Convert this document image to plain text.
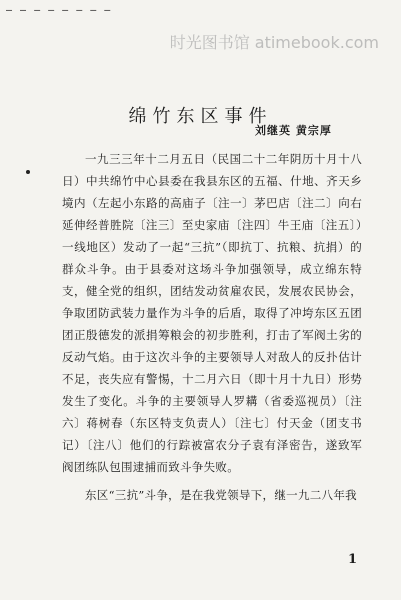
— — — — — — — —
时光图书馆 atimebook.com
绵竹东区事件
刘继英 黄宗厚

一九三三年十二月五日（民国二十二年阴历十月十八日）中共绵竹中心县委在我县东区的五福、什地、齐天乡境内（左起小东路的高庙子〔注一〕茅巴店〔注二〕向右延伸经普胜院〔注三〕至史家庙〔注四〕牛王庙〔注五〕）一线地区）发动了一起“三抗”（即抗丁、抗粮、抗捐）的群众斗争。由于县委对这场斗争加强领导，成立绵东特支，健全党的组织，团结发动贫雇农民，发展农民协会，争取团防武装力量作为斗争的后盾，取得了冲垮东区五团团正殷德发的派捐筹粮会的初步胜利，打击了军阀土劣的反动气焰。由于这次斗争的主要领导人对敌人的反扑估计不足，丧失应有警惕，十二月六日（即十月十九日）形势发生了变化。斗争的主要领导人罗耩（省委巡视员）〔注六〕蒋树春（东区特支负责人）〔注七〕付天金（团支书记）〔注八〕他们的行踪被富农分子袁有泽密告，遂致军阀团练队包围逮捕而致斗争失败。

东区“三抗”斗争，是在我党领导下，继一九二八年我

1
